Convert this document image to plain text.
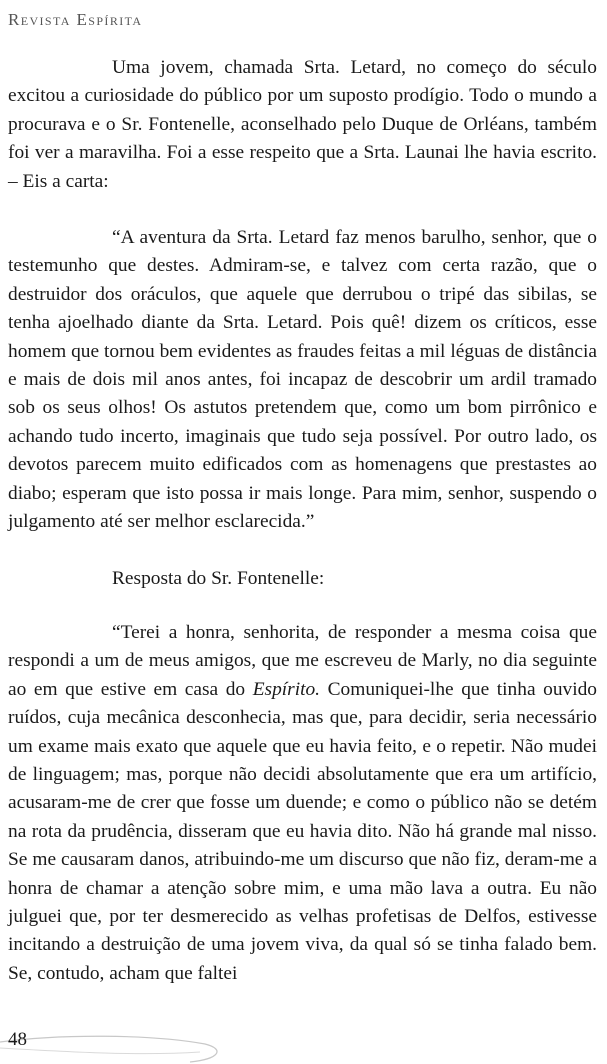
Revista Espírita

Uma jovem, chamada Srta. Letard, no começo do século excitou a curiosidade do público por um suposto prodígio. Todo o mundo a procurava e o Sr. Fontenelle, aconselhado pelo Duque de Orléans, também foi ver a maravilha. Foi a esse respeito que a Srta. Launai lhe havia escrito. – Eis a carta:

“A aventura da Srta. Letard faz menos barulho, senhor, que o testemunho que destes. Admiram-se, e talvez com certa razão, que o destruidor dos oráculos, que aquele que derrubou o tripé das sibilas, se tenha ajoelhado diante da Srta. Letard. Pois quê! dizem os críticos, esse homem que tornou bem evidentes as fraudes feitas a mil léguas de distância e mais de dois mil anos antes, foi incapaz de descobrir um ardil tramado sob os seus olhos! Os astutos pretendem que, como um bom pirrônico e achando tudo incerto, imaginais que tudo seja possível. Por outro lado, os devotos parecem muito edificados com as homenagens que prestastes ao diabo; esperam que isto possa ir mais longe. Para mim, senhor, suspendo o julgamento até ser melhor esclarecida.”

Resposta do Sr. Fontenelle:

“Terei a honra, senhorita, de responder a mesma coisa que respondi a um de meus amigos, que me escreveu de Marly, no dia seguinte ao em que estive em casa do Espírito. Comuniquei-lhe que tinha ouvido ruídos, cuja mecânica desconhecia, mas que, para decidir, seria necessário um exame mais exato que aquele que eu havia feito, e o repetir. Não mudei de linguagem; mas, porque não decidi absolutamente que era um artifício, acusaram-me de crer que fosse um duende; e como o público não se detém na rota da prudência, disseram que eu havia dito. Não há grande mal nisso. Se me causaram danos, atribuindo-me um discurso que não fiz, deram-me a honra de chamar a atenção sobre mim, e uma mão lava a outra. Eu não julguei que, por ter desmerecido as velhas profetisas de Delfos, estivesse incitando a destruição de uma jovem viva, da qual só se tinha falado bem. Se, contudo, acham que faltei

48
